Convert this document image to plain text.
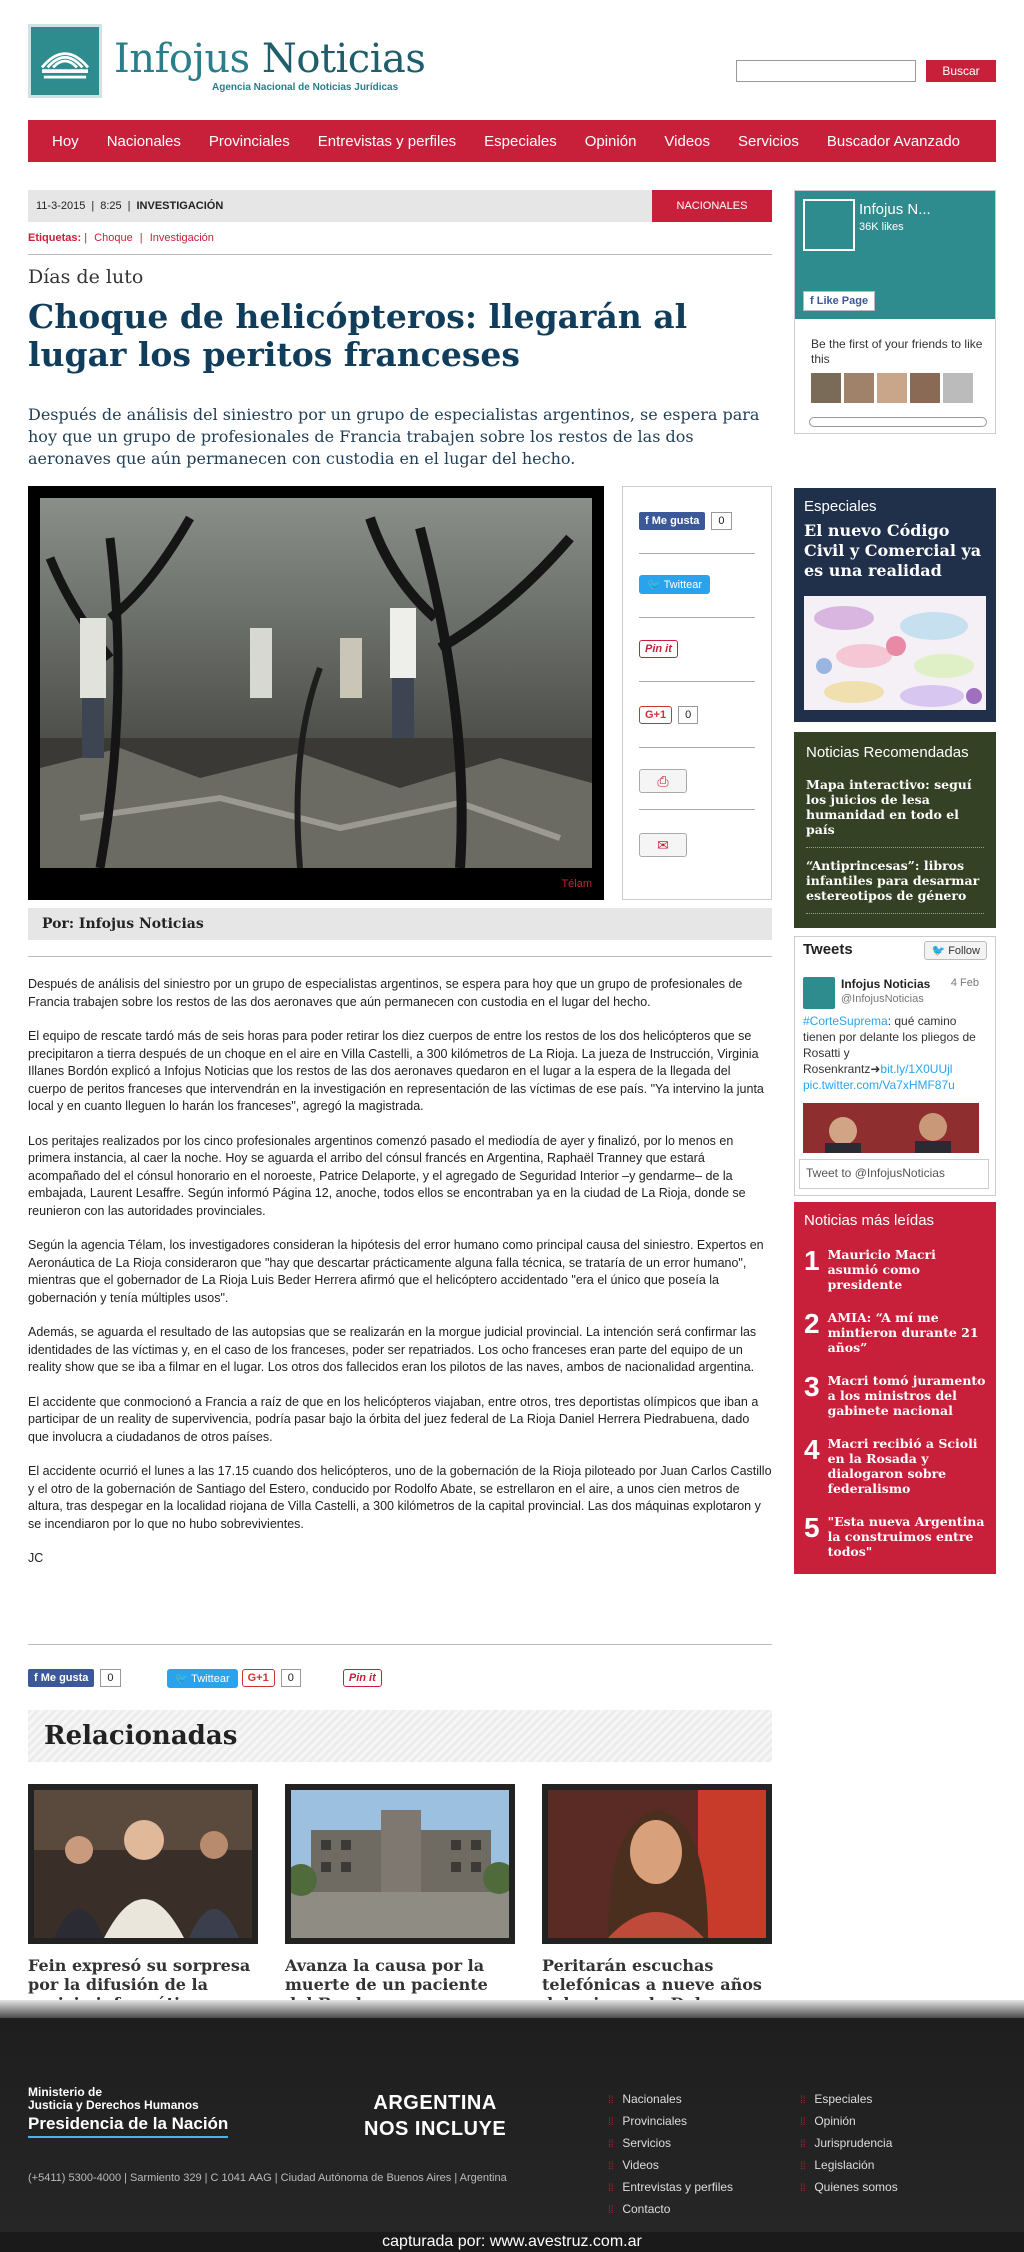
Infojus Noticias
Agencia Nacional de Noticias Jurídicas
Buscar
Hoy Nacionales Provinciales Entrevistas y perfiles Especiales Opinión Videos Servicios Buscador Avanzado
11-3-2015 | 8:25 | INVESTIGACIÓN	NACIONALES
Etiquetas: | Choque | Investigación
Días de luto
Choque de helicópteros: llegarán al lugar los peritos franceses
Después de análisis del siniestro por un grupo de especialistas argentinos, se espera para hoy que un grupo de profesionales de Francia trabajen sobre los restos de las dos aeronaves que aún permanecen con custodia en el lugar del hecho.
Télam
f Me gusta 0
🐦 Twittear
Pin it
G+1 0
⎙
✉
Por: Infojus Noticias

Después de análisis del siniestro por un grupo de especialistas argentinos, se espera para hoy que un grupo de profesionales de Francia trabajen sobre los restos de las dos aeronaves que aún permanecen con custodia en el lugar del hecho.

El equipo de rescate tardó más de seis horas para poder retirar los diez cuerpos de entre los restos de los dos helicópteros que se precipitaron a tierra después de un choque en el aire en Villa Castelli, a 300 kilómetros de La Rioja. La jueza de Instrucción, Virginia Illanes Bordón explicó a Infojus Noticias que los restos de las dos aeronaves quedaron en el lugar a la espera de la llegada del cuerpo de peritos franceses que intervendrán en la investigación en representación de las víctimas de ese país. "Ya intervino la junta local y en cuanto lleguen lo harán los franceses", agregó la magistrada.

Los peritajes realizados por los cinco profesionales argentinos comenzó pasado el mediodía de ayer y finalizó, por lo menos en primera instancia, al caer la noche. Hoy se aguarda el arribo del cónsul francés en Argentina, Raphaël Tranney que estará acompañado del el cónsul honorario en el noroeste, Patrice Delaporte, y el agregado de Seguridad Interior –y gendarme– de la embajada, Laurent Lesaffre. Según informó Página 12, anoche, todos ellos se encontraban ya en la ciudad de La Rioja, donde se reunieron con las autoridades provinciales.

Según la agencia Télam, los investigadores consideran la hipótesis del error humano como principal causa del siniestro. Expertos en Aeronáutica de La Rioja consideraron que "hay que descartar prácticamente alguna falla técnica, se trataría de un error humano", mientras que el gobernador de La Rioja Luis Beder Herrera afirmó que el helicóptero accidentado "era el único que poseía la gobernación y tenía múltiples usos".

Además, se aguarda el resultado de las autopsias que se realizarán en la morgue judicial provincial. La intención será confirmar las identidades de las víctimas y, en el caso de los franceses, poder ser repatriados. Los ocho franceses eran parte del equipo de un reality show que se iba a filmar en el lugar. Los otros dos fallecidos eran los pilotos de las naves, ambos de nacionalidad argentina.

El accidente que conmocionó a Francia a raíz de que en los helicópteros viajaban, entre otros, tres deportistas olímpicos que iban a participar de un reality de supervivencia, podría pasar bajo la órbita del juez federal de La Rioja Daniel Herrera Piedrabuena, dado que involucra a ciudadanos de otros países.

El accidente ocurrió el lunes a las 17.15 cuando dos helicópteros, uno de la gobernación de la Rioja piloteado por Juan Carlos Castillo y el otro de la gobernación de Santiago del Estero, conducido por Rodolfo Abate, se estrellaron en el aire, a unos cien metros de altura, tras despegar en la localidad riojana de Villa Castelli, a 300 kilómetros de la capital provincial. Las dos máquinas explotaron y se incendiaron por lo que no hubo sobrevivientes.

JC

f Me gusta	0	🐦 Twittear	G+1	0	Pin it
Relacionadas
Fein expresó su sorpresa por la difusión de la
Avanza la causa por la muerte de un paciente
Peritarán escuchas telefónicas a nueve años
Infojus N...
36K likes
f Like Page
Be the first of your friends to like this
Especiales
El nuevo Código Civil y Comercial ya es una realidad
Noticias Recomendadas
Mapa interactivo: seguí los juicios de lesa humanidad en todo el país
“Antiprincesas”: libros infantiles para desarmar estereotipos de género
Tweets	🐦 Follow
Infojus Noticias
@InfojusNoticias
4 Feb
#CorteSuprema: qué camino tienen por delante los pliegos de Rosatti y Rosenkrantz➜bit.ly/1X0UUjl pic.twitter.com/Va7xHMF87u
Tweet to @InfojusNoticias
Noticias más leídas
1 Mauricio Macri asumió como presidente
2 AMIA: “A mí me mintieron durante 21 años”
3 Macri tomó juramento a los ministros del gabinete nacional
4 Macri recibió a Scioli en la Rosada y dialogaron sobre federalismo
5 "Esta nueva Argentina la construimos entre todos"
Ministerio de
Justicia y Derechos Humanos
Presidencia de la Nación
ARGENTINA
NOS INCLUYE
(+5411) 5300-4000 | Sarmiento 329 | C 1041 AAG | Ciudad Autónoma de Buenos Aires | Argentina
⁞⁞ Nacionales
⁞⁞ Provinciales
⁞⁞ Servicios
⁞⁞ Videos
⁞⁞ Entrevistas y perfiles
⁞⁞ Contacto
⁞⁞ Especiales
⁞⁞ Opinión
⁞⁞ Jurisprudencia
⁞⁞ Legislación
⁞⁞ Quienes somos
capturada por: www.avestruz.com.ar
